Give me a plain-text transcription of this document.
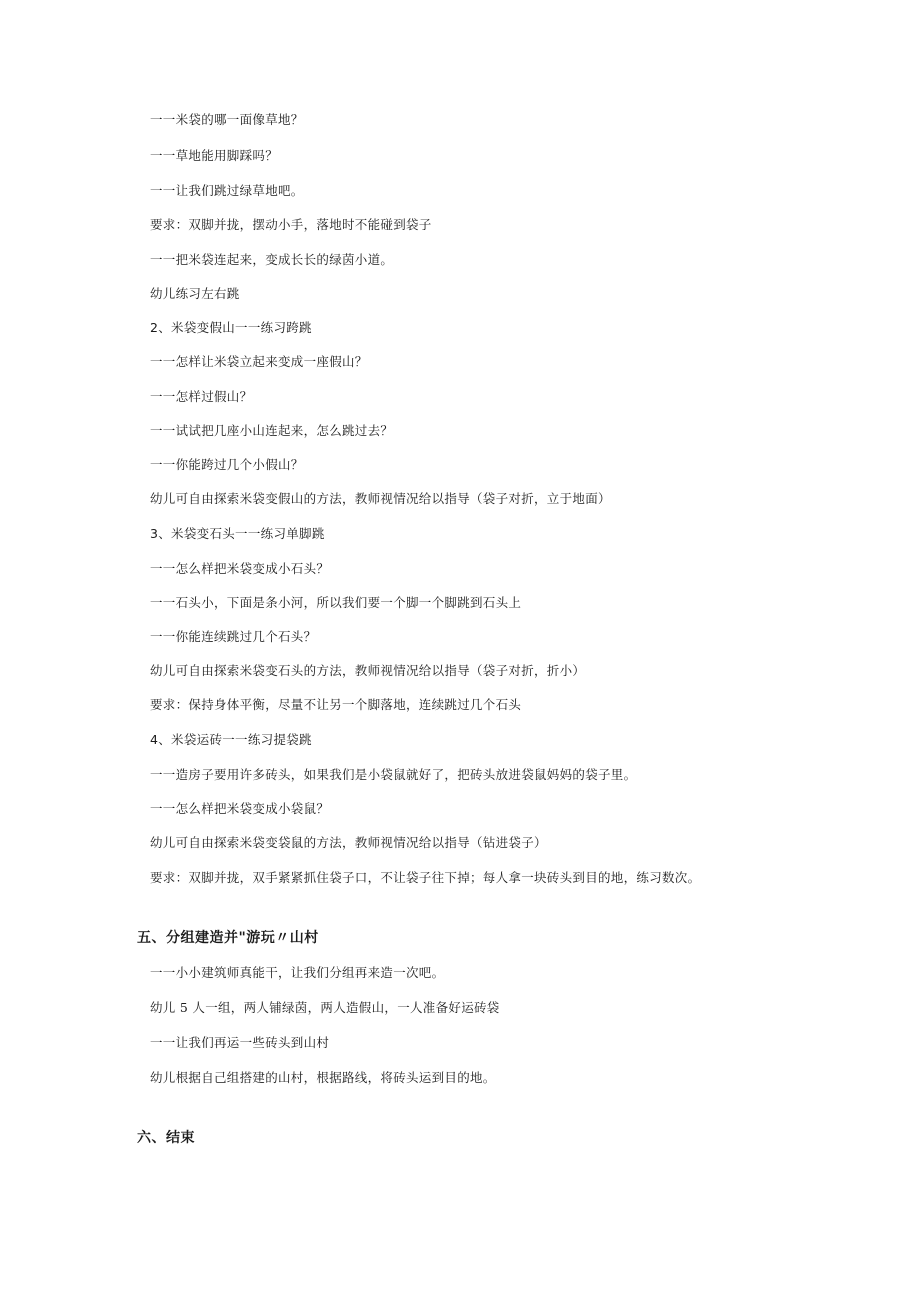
一一米袋的哪一面像草地？
一一草地能用脚踩吗？
一一让我们跳过绿草地吧。
要求：双脚并拢，摆动小手，落地时不能碰到袋子
一一把米袋连起来，变成长长的绿茵小道。
幼儿练习左右跳
2、米袋变假山一一练习跨跳
一一怎样让米袋立起来变成一座假山？
一一怎样过假山？
一一试试把几座小山连起来，怎么跳过去？
一一你能跨过几个小假山？
幼儿可自由探索米袋变假山的方法，教师视情况给以指导（袋子对折，立于地面）
3、米袋变石头一一练习单脚跳
一一怎么样把米袋变成小石头？
一一石头小，下面是条小河，所以我们要一个脚一个脚跳到石头上
一一你能连续跳过几个石头？
幼儿可自由探索米袋变石头的方法，教师视情况给以指导（袋子对折，折小）
要求：保持身体平衡，尽量不让另一个脚落地，连续跳过几个石头
4、米袋运砖一一练习提袋跳
一一造房子要用许多砖头，如果我们是小袋鼠就好了，把砖头放进袋鼠妈妈的袋子里。
一一怎么样把米袋变成小袋鼠？
幼儿可自由探索米袋变袋鼠的方法，教师视情况给以指导（钻进袋子）
要求：双脚并拢，双手紧紧抓住袋子口，不让袋子往下掉；每人拿一块砖头到目的地，练习数次。
五、分组建造并"游玩〃山村
一一小小建筑师真能干，让我们分组再来造一次吧。
幼儿 5 人一组，两人铺绿茵，两人造假山，一人准备好运砖袋
一一让我们再运一些砖头到山村
幼儿根据自己组搭建的山村，根据路线，将砖头运到目的地。
六、结束
